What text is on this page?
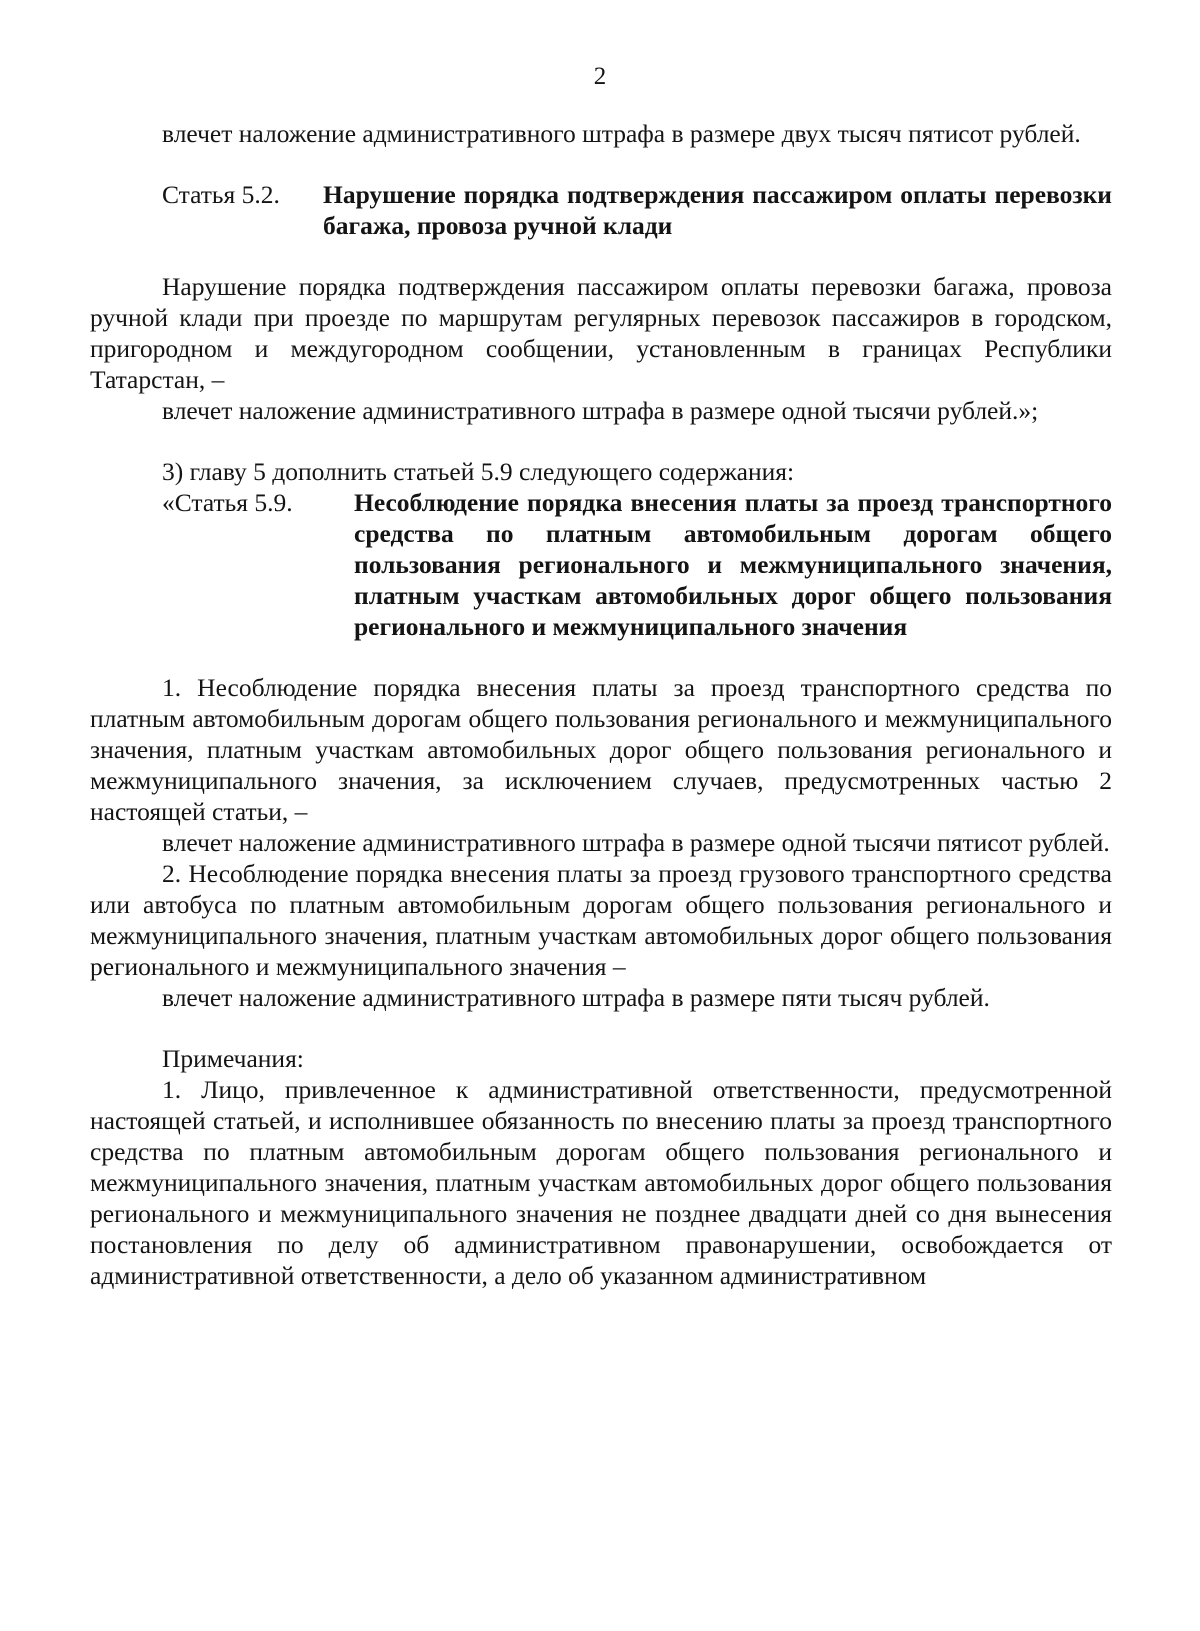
2

влечет наложение административного штрафа в размере двух тысяч пятисот рублей.

Статья 5.2.	Нарушение порядка подтверждения пассажиром оплаты перевозки багажа, провоза ручной клади

Нарушение порядка подтверждения пассажиром оплаты перевозки багажа, провоза ручной клади при проезде по маршрутам регулярных перевозок пассажиров в городском, пригородном и междугородном сообщении, установленным в границах Республики Татарстан, –

влечет наложение административного штрафа в размере одной тысячи рублей.»;

3) главу 5 дополнить статьей 5.9 следующего содержания:

«Статья 5.9.	Несоблюдение порядка внесения платы за проезд транспортного средства по платным автомобильным дорогам общего пользования регионального и межмуниципального значения, платным участкам автомобильных дорог общего пользования регионального и межмуниципального значения

1. Несоблюдение порядка внесения платы за проезд транспортного средства по платным автомобильным дорогам общего пользования регионального и межмуниципального значения, платным участкам автомобильных дорог общего пользования регионального и межмуниципального значения, за исключением случаев, предусмотренных частью 2 настоящей статьи, –

влечет наложение административного штрафа в размере одной тысячи пятисот рублей.

2. Несоблюдение порядка внесения платы за проезд грузового транспортного средства или автобуса по платным автомобильным дорогам общего пользования регионального и межмуниципального значения, платным участкам автомобильных дорог общего пользования регионального и межмуниципального значения –

влечет наложение административного штрафа в размере пяти тысяч рублей.

Примечания:

1. Лицо, привлеченное к административной ответственности, предусмотренной настоящей статьей, и исполнившее обязанность по внесению платы за проезд транспортного средства по платным автомобильным дорогам общего пользования регионального и межмуниципального значения, платным участкам автомобильных дорог общего пользования регионального и межмуниципального значения не позднее двадцати дней со дня вынесения постановления по делу об административном правонарушении, освобождается от административной ответственности, а дело об указанном административном
